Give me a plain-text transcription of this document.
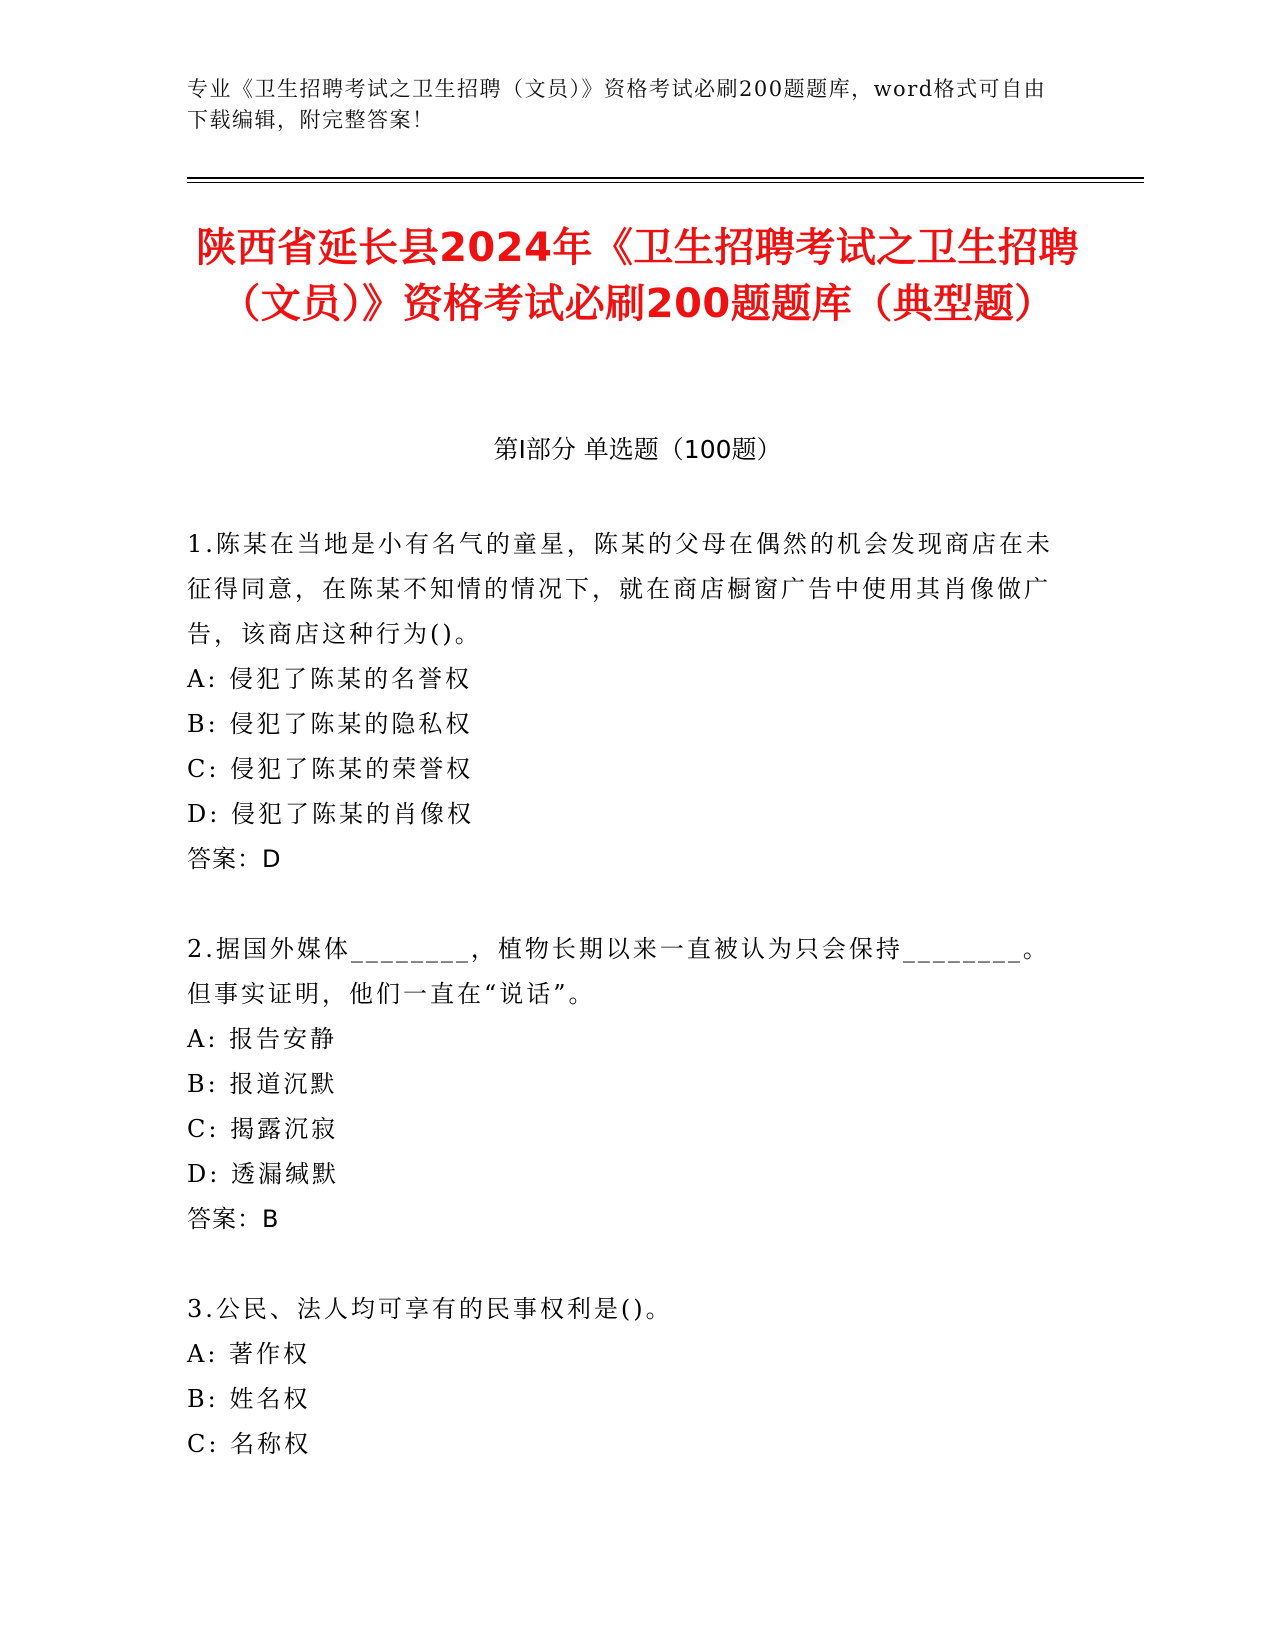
专业《卫生招聘考试之卫生招聘（文员）》资格考试必刷200题题库，word格式可自由下载编辑，附完整答案！
陕西省延长县2024年《卫生招聘考试之卫生招聘（文员）》资格考试必刷200题题库（典型题）
第Ⅰ部分 单选题（100题）

1.陈某在当地是小有名气的童星，陈某的父母在偶然的机会发现商店在未征得同意，在陈某不知情的情况下，就在商店橱窗广告中使用其肖像做广告，该商店这种行为()。

A: 侵犯了陈某的名誉权

B: 侵犯了陈某的隐私权

C: 侵犯了陈某的荣誉权

D: 侵犯了陈某的肖像权

答案：D

2.据国外媒体________，植物长期以来一直被认为只会保持________。但事实证明，他们一直在“说话”。

A: 报告安静

B: 报道沉默

C: 揭露沉寂

D: 透漏缄默

答案：B

3.公民、法人均可享有的民事权利是()。

A: 著作权

B: 姓名权

C: 名称权
